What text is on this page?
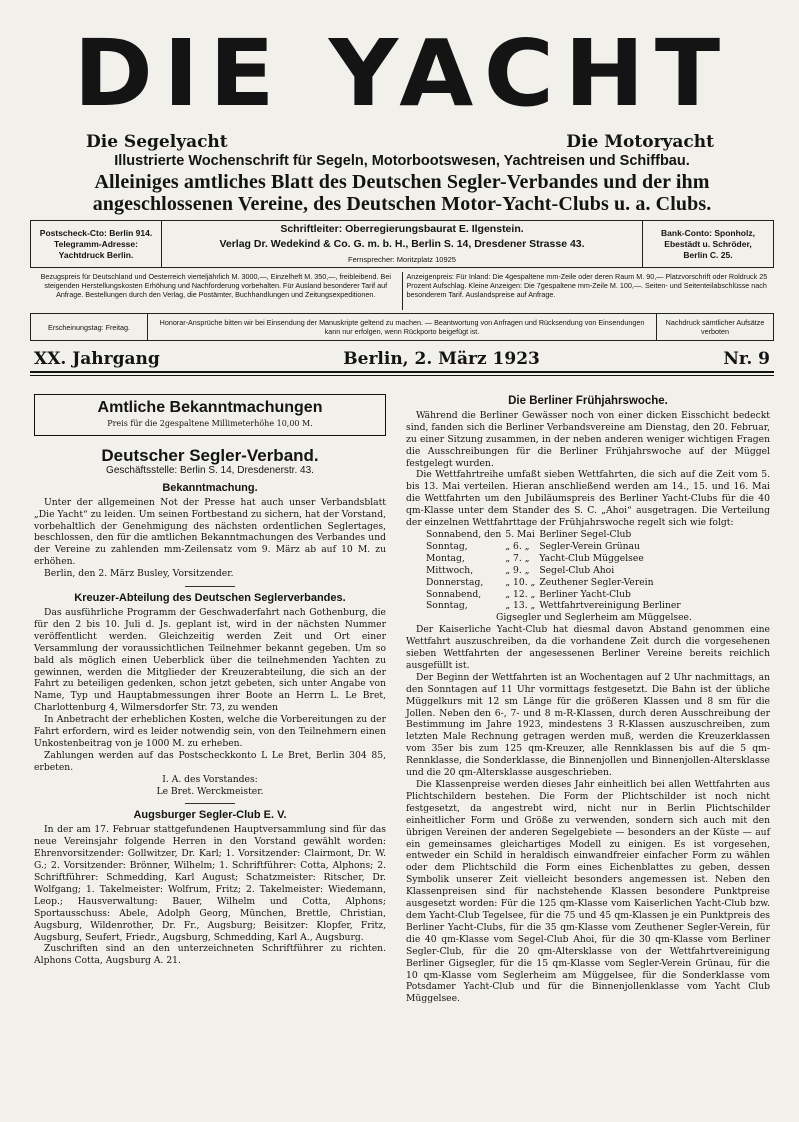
DIE YACHT
Die Segelyacht	Die Motoryacht
Illustrierte Wochenschrift für Segeln, Motorbootswesen, Yachtreisen und Schiffbau.
Alleiniges amtliches Blatt des Deutschen Segler-Verbandes und der ihm
angeschlossenen Vereine, des Deutschen Motor-Yacht-Clubs u. a. Clubs.
Postscheck-Cto: Berlin 914.
Telegramm-Adresse:
Yachtdruck Berlin.
Schriftleiter: Oberregierungsbaurat E. Ilgenstein.
Verlag Dr. Wedekind & Co. G. m. b. H., Berlin S. 14, Dresdener Strasse 43.
Fernsprecher: Moritzplatz 10925
Bank-Conto: Sponholz,
Ebestädt u. Schröder,
Berlin C. 25.
Bezugspreis für Deutschland und Oesterreich vierteljährlich M. 3000,—, Einzelheft M. 350,—, freibleibend. Bei steigenden Herstellungskosten Erhöhung und Nachforderung vorbehalten. Für Ausland besonderer Tarif auf Anfrage. Bestellungen durch den Verlag, die Postämter, Buchhandlungen und Zeitungsexpeditionen.
Anzeigenpreis: Für Inland: Die 4gespaltene mm-Zeile oder deren Raum M. 90,— Platzvorschrift oder Roldruck 25 Prozent Aufschlag. Kleine Anzeigen: Die 7gespaltene mm-Zeile M. 100,—. Seiten- und Seitenteilabschlüsse nach besonderem Tarif. Auslandspreise auf Anfrage.
Erscheinungstag: Freitag.	Honorar-Ansprüche bitten wir bei Einsendung der Manuskripte geltend zu machen. — Beantwortung von Anfragen und Rücksendung von Einsendungen kann nur erfolgen, wenn Rückporto beigefügt ist.
Nachdruck sämtlicher Aufsätze verboten
XX. Jahrgang	Berlin, 2. März 1923	Nr. 9
Amtliche Bekanntmachungen
Preis für die 2gespaltene Millimeterhöhe 10,00 M.
Deutscher Segler-Verband.
Geschäftsstelle: Berlin S. 14, Dresdenerstr. 43.
Bekanntmachung.

Unter der allgemeinen Not der Presse hat auch unser Verbandsblatt „Die Yacht“ zu leiden. Um seinen Fortbestand zu sichern, hat der Vorstand, vorbehaltlich der Genehmigung des nächsten ordentlichen Seglertages, beschlossen, den für die amtlichen Bekanntmachungen des Verbandes und der Vereine zu zahlenden mm-Zeilensatz vom 9. März ab auf 10 M. zu erhöhen.

Berlin, den 2. März Busley, Vorsitzender.

Kreuzer-Abteilung des Deutschen Seglerverbandes.

Das ausführliche Programm der Geschwaderfahrt nach Gothenburg, die für den 2 bis 10. Juli d. Js. geplant ist, wird in der nächsten Nummer veröffentlicht werden. Gleichzeitig werden Zeit und Ort einer Versammlung der voraussichtlichen Teilnehmer bekannt gegeben. Um so bald als möglich einen Ueberblick über die teilnehmenden Yachten zu gewinnen, werden die Mitglieder der Kreuzerabteilung, die sich an der Fahrt zu beteiligen gedenken, schon jetzt gebeten, sich unter Angabe von Name, Typ und Hauptabmessungen ihrer Boote an Herrn L. Le Bret, Charlottenburg 4, Wilmersdorfer Str. 73, zu wenden

In Anbetracht der erheblichen Kosten, welche die Vorbereitungen zu der Fahrt erfordern, wird es leider notwendig sein, von den Teilnehmern einen Unkostenbeitrag von je 1000 M. zu erheben.

Zahlungen werden auf das Postscheckkonto L Le Bret, Berlin 304 85, erbeten.

I. A. des Vorstandes:
Le Bret. Werckmeister.
Augsburger Segler-Club E. V.

In der am 17. Februar stattgefundenen Hauptversammlung sind für das neue Vereinsjahr folgende Herren in den Vorstand gewählt worden: Ehrenvorsitzender: Gollwitzer, Dr. Karl; 1. Vorsitzender: Clairmont, Dr. W. G.; 2. Vorsitzender: Brönner, Wilhelm; 1. Schriftführer: Cotta, Alphons; 2. Schriftführer: Schmedding, Karl August; Schatzmeister: Ritscher, Dr. Wolfgang; 1. Takelmeister: Wolfrum, Fritz; 2. Takelmeister: Wiedemann, Leop.; Hausverwaltung: Bauer, Wilhelm und Cotta, Alphons; Sportausschuss: Abele, Adolph Georg, München, Brettle, Christian, Augsburg, Wildenrother, Dr. Fr., Augsburg; Beisitzer: Klopfer, Fritz, Augsburg, Seufert, Friedr., Augsburg, Schmedding, Karl A., Augsburg.

Zuschriften sind an den unterzeichneten Schriftführer zu richten. Alphons Cotta, Augsburg A. 21.

Die Berliner Frühjahrswoche.

Während die Berliner Gewässer noch von einer dicken Eisschicht bedeckt sind, fanden sich die Berliner Verbandsvereine am Dienstag, den 20. Februar, zu einer Sitzung zusammen, in der neben anderen weniger wichtigen Fragen die Ausschreibungen für die Berliner Frühjahrswoche auf der Müggel festgelegt wurden.

Die Wettfahrtreihe umfaßt sieben Wettfahrten, die sich auf die Zeit vom 5. bis 13. Mai verteilen. Hieran anschließend werden am 14., 15. und 16. Mai die Wettfahrten um den Jubiläumspreis des Berliner Yacht-Clubs für die 40 qm-Klasse unter dem Stander des S. C. „Ahoi“ ausgetragen. Die Verteilung der einzelnen Wettfahrttage der Frühjahrswoche regelt sich wie folgt:

Sonnabend, den	5. Mai	Berliner Segel-Club
Sonntag,	„ 6. „	Segler-Verein Grünau
Montag,	„ 7. „	Yacht-Club Müggelsee
Mittwoch,	„ 9. „	Segel-Club Ahoi
Donnerstag,	„ 10. „	Zeuthener Segler-Verein
Sonnabend,	„ 12. „	Berliner Yacht-Club
Sonntag,	„ 13. „	Wettfahrtvereinigung Berliner
Gigsegler und Seglerheim am Müggelsee.

Der Kaiserliche Yacht-Club hat diesmal davon Abstand genommen eine Wettfahrt auszuschreiben, da die vorhandene Zeit durch die vorgesehenen sieben Wettfahrten der angesessenen Berliner Vereine bereits reichlich ausgefüllt ist.

Der Beginn der Wettfahrten ist an Wochentagen auf 2 Uhr nachmittags, an den Sonntagen auf 11 Uhr vormittags festgesetzt. Die Bahn ist der übliche Müggelkurs mit 12 sm Länge für die größeren Klassen und 8 sm für die Jollen. Neben den 6-, 7- und 8 m-R-Klassen, durch deren Ausschreibung der Bestimmung im Jahre 1923, mindestens 3 R-Klassen auszuschreiben, zum letzten Male Rechnung getragen werden muß, werden die Kreuzerklassen vom 35er bis zum 125 qm-Kreuzer, alle Rennklassen bis auf die 5 qm-Rennklasse, die Sonderklasse, die Binnenjollen und Binnenjollen-Altersklasse und die 20 qm-Altersklasse ausgeschrieben.

Die Klassenpreise werden dieses Jahr einheitlich bei allen Wettfahrten aus Plichtschildern bestehen. Die Form der Plichtschilder ist noch nicht festgesetzt, da angestrebt wird, nicht nur in Berlin Plichtschilder einheitlicher Form und Größe zu verwenden, sondern sich auch mit den übrigen Vereinen der anderen Segelgebiete — besonders an der Küste — auf ein gemeinsames gleichartiges Modell zu einigen. Es ist vorgesehen, entweder ein Schild in heraldisch einwandfreier einfacher Form zu wählen oder dem Plichtschild die Form eines Eichenblattes zu geben, dessen Symbolik unserer Zeit vielleicht besonders angemessen ist. Neben den Klassenpreisen sind für nachstehende Klassen besondere Punktpreise ausgesetzt worden: Für die 125 qm-Klasse vom Kaiserlichen Yacht-Club bzw. dem Yacht-Club Tegelsee, für die 75 und 45 qm-Klassen je ein Punktpreis des Berliner Yacht-Clubs, für die 35 qm-Klasse vom Zeuthener Segler-Verein, für die 40 qm-Klasse vom Segel-Club Ahoi, für die 30 qm-Klasse vom Berliner Segler-Club, für die 20 qm-Altersklasse von der Wettfahrtvereinigung Berliner Gigsegler, für die 15 qm-Klasse vom Segler-Verein Grünau, für die 10 qm-Klasse vom Seglerheim am Müggelsee, für die Sonderklasse vom Potsdamer Yacht-Club und für die Binnenjollenklasse vom Yacht Club Müggelsee.
